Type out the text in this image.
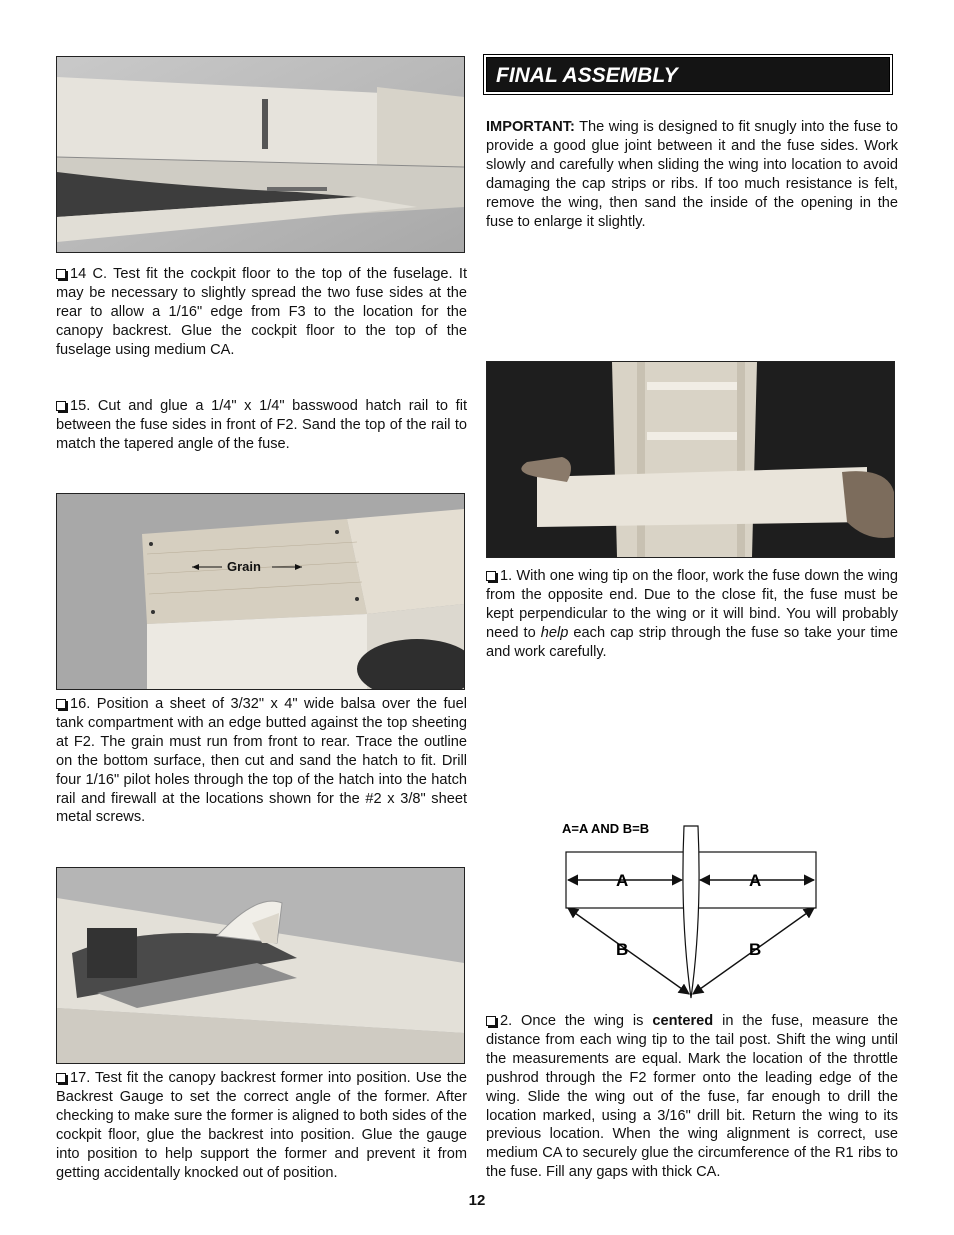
14 C. Test fit the cockpit floor to the top of the fuselage. It may be necessary to slightly spread the two fuse sides at the rear to allow a 1/16" edge from F3 to the location for the canopy backrest. Glue the cockpit floor to the top of the fuselage using medium CA.

15. Cut and glue a 1/4" x 1/4" basswood hatch rail to fit between the fuse sides in front of F2. Sand the top of the rail to match the tapered angle of the fuse.

Grain

16. Position a sheet of 3/32" x 4" wide balsa over the fuel tank compartment with an edge butted against the top sheeting at F2. The grain must run from front to rear. Trace the outline on the bottom surface, then cut and sand the hatch to fit. Drill four 1/16" pilot holes through the top of the hatch into the hatch rail and firewall at the locations shown for the #2 x 3/8" sheet metal screws.

17. Test fit the canopy backrest former into position. Use the Backrest Gauge to set the correct angle of the former. After checking to make sure the former is aligned to both sides of the cockpit floor, glue the backrest into position. Glue the gauge into position to help support the former and prevent it from getting accidentally knocked out of position.

FINAL ASSEMBLY

IMPORTANT: The wing is designed to fit snugly into the fuse to provide a good glue joint between it and the fuse sides. Work slowly and carefully when sliding the wing into location to avoid damaging the cap strips or ribs. If too much resistance is felt, remove the wing, then sand the inside of the opening in the fuse to enlarge it slightly.

1. With one wing tip on the floor, work the fuse down the wing from the opposite end. Due to the close fit, the fuse must be kept perpendicular to the wing or it will bind. You will probably need to help each cap strip through the fuse so take your time and work carefully.

A=A AND B=B
A	A
B	B

2. Once the wing is centered in the fuse, measure the distance from each wing tip to the tail post. Shift the wing until the measurements are equal. Mark the location of the throttle pushrod through the F2 former onto the leading edge of the wing. Slide the wing out of the fuse, far enough to drill the location marked, using a 3/16" drill bit. Return the wing to its previous location. When the wing alignment is correct, use medium CA to securely glue the circumference of the R1 ribs to the fuse. Fill any gaps with thick CA.

12
